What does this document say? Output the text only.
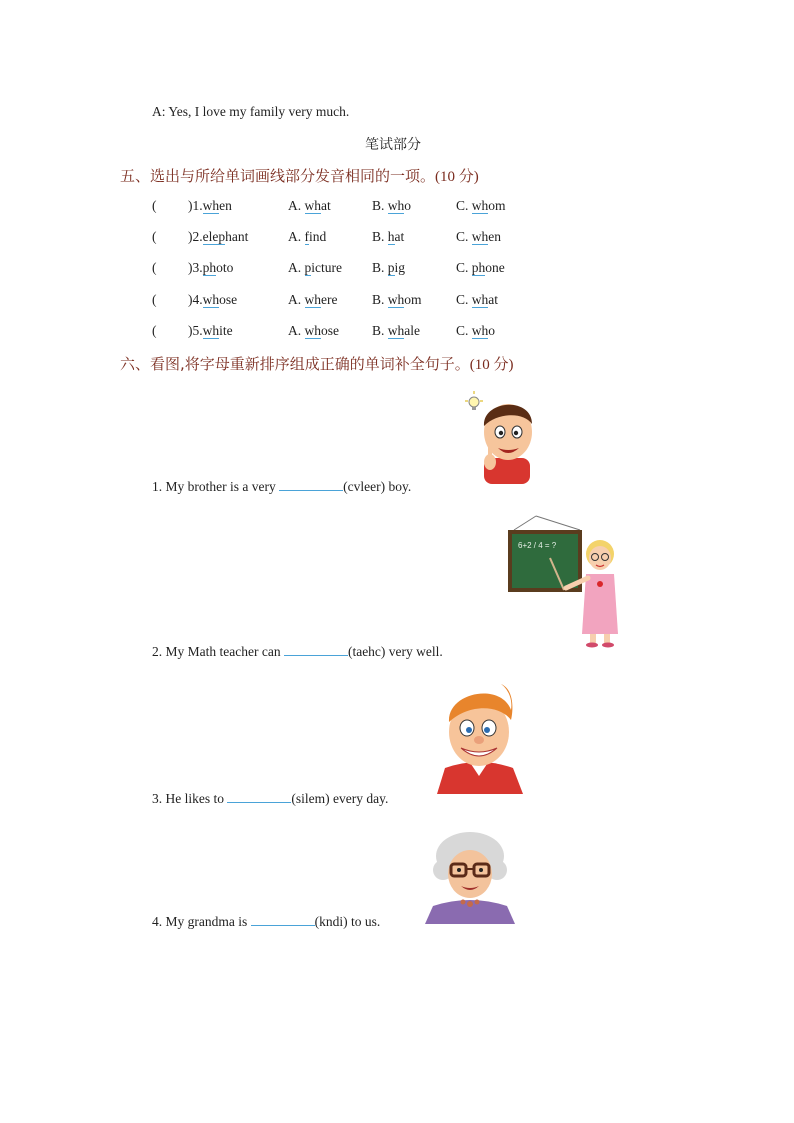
A: Yes, I love my family very much.
笔试部分
五、选出与所给单词画线部分发音相同的一项。(10 分)
( )1.when	A. what	B. who	C. whom
( )2.elephant	A. find	B. hat	C. when
( )3.photo	A. picture B. pig	C. phone
( )4.whose	A. where	B. whom	C. what
( )5.white	A. whose B. whale	C. who
六、看图,将字母重新排序组成正确的单词补全句子。(10 分)
1. My brother is a very	(cvleer) boy.
2. My Math teacher can	(taehc) very well.
3. He likes to	(silem) every day.
4. My grandma is	(kndi) to us.
6+2 / 4 = ?
